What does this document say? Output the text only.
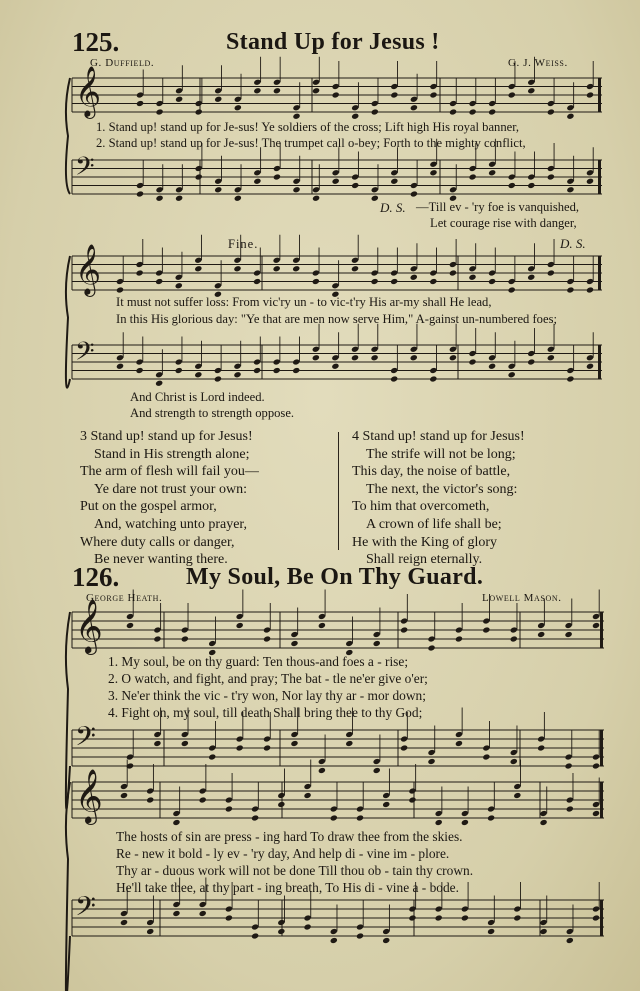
𝄞
𝄢
𝄞
𝄢
𝄞
𝄢
𝄞
𝄢
125.	Stand Up for Jesus !
G. Duffield.	G. J. Weiss.
1. Stand up! stand up for Je-sus! Ye soldiers of the cross; Lift high His royal banner,
2. Stand up! stand up for Je-sus! The trumpet call o-bey; Forth to the mighty conflict,
D. S. —Till ev - 'ry foe is vanquished,
Let courage rise with danger,
Fine.	D. S.
It must not suffer loss: From vic'ry un - to vic-t'ry His ar-my shall He lead,
In this His glorious day: "Ye that are men now serve Him," A-gainst un-numbered foes;
And Christ is Lord indeed.
And strength to strength oppose.
3 Stand up! stand up for Jesus!
Stand in His strength alone;
The arm of flesh will fail you—
Ye dare not trust your own:
Put on the gospel armor,
And, watching unto prayer,
Where duty calls or danger,
Be never wanting there.
4 Stand up! stand up for Jesus!
The strife will not be long;
This day, the noise of battle,
The next, the victor's song:
To him that overcometh,
A crown of life shall be;
He with the King of glory
Shall reign eternally.
126.	My Soul, Be On Thy Guard.
George Heath.	Lowell Mason.
1. My soul, be on thy guard: Ten thous-and foes a - rise;
2. O watch, and fight, and pray; The bat - tle ne'er give o'er;
3. Ne'er think the vic - t'ry won, Nor lay thy ar - mor down;
4. Fight on, my soul, till death Shall bring thee to thy God;
The hosts of sin are press - ing hard To draw thee from the skies.
Re - new it bold - ly ev - 'ry day, And help di - vine im - plore.
Thy ar - duous work will not be done Till thou ob - tain thy crown.
He'll take thee, at thy part - ing breath, To His di - vine a - bode.
